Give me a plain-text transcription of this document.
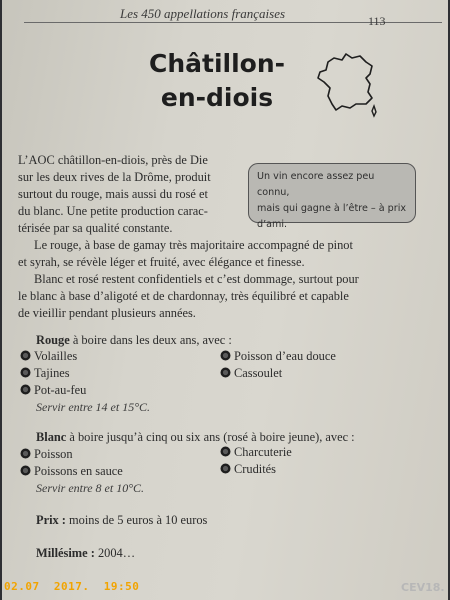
Les 450 appellations françaises	113
Châtillon-
en-diois

L’AOC châtillon-en-diois, près de Die
sur les deux rives de la Drôme, produit
surtout du rouge, mais aussi du rosé et
du blanc. Une petite production carac-
térisée par sa qualité constante.

Un vin encore assez peu connu,
mais qui gagne à l’être – à prix
d’ami.

Le rouge, à base de gamay très majoritaire accompagné de pinot
et syrah, se révèle léger et fruité, avec élégance et finesse.

Blanc et rosé restent confidentiels et c’est dommage, surtout pour
le blanc à base d’aligoté et de chardonnay, très équilibré et capable
de vieillir pendant plusieurs années.

Rouge à boire dans les deux ans, avec :
Volailles
Tajines
Pot-au-feu
Poisson d’eau douce
Cassoulet
Servir entre 14 et 15°C.
Blanc à boire jusqu’à cinq ou six ans (rosé à boire jeune), avec :
Poisson
Poissons en sauce
Charcuterie
Crudités
Servir entre 8 et 10°C.
Prix : moins de 5 euros à 10 euros
Millésime : 2004…
02.07  2017.  19:50	CEV18.
